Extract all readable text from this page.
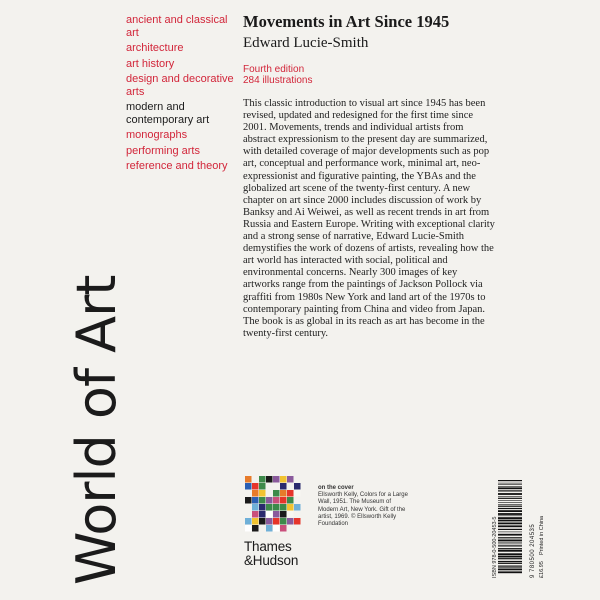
ancient and classical art
architecture
art history
design and decorative arts
modern and contemporary art
monographs
performing arts
reference and theory
World of Art
Movements in Art Since 1945
Edward Lucie-Smith
Fourth edition
284 illustrations
This classic introduction to visual art since 1945 has been revised, updated and redesigned for the first time since 2001. Movements, trends and individual artists from abstract expressionism to the present day are summarized, with detailed coverage of major developments such as pop art, conceptual and performance work, minimal art, neo-expressionist and figurative painting, the YBAs and the globalized art scene of the twenty-first century. A new chapter on art since 2000 includes discussion of work by Banksy and Ai Weiwei, as well as recent trends in art from Russia and Eastern Europe. Writing with exceptional clarity and a strong sense of narrative, Edward Lucie-Smith demystifies the work of dozens of artists, revealing how the art world has interacted with social, political and environmental concerns. Nearly 300 images of key artworks range from the paintings of Jackson Pollock via graffiti from 1980s New York and land art of the 1970s to contemporary painting from China and video from Japan. The book is as global in its reach as art has become in the twenty-first century.
on the cover
Ellsworth Kelly, Colors for a Large Wall, 1951. The Museum of Modern Art, New York. Gift of the artist, 1969. © Ellsworth Kelly Foundation
Thames
&Hudson	ISBN 978-0-500-20453-5	9 780500 204535 £16.95    Printed in China
